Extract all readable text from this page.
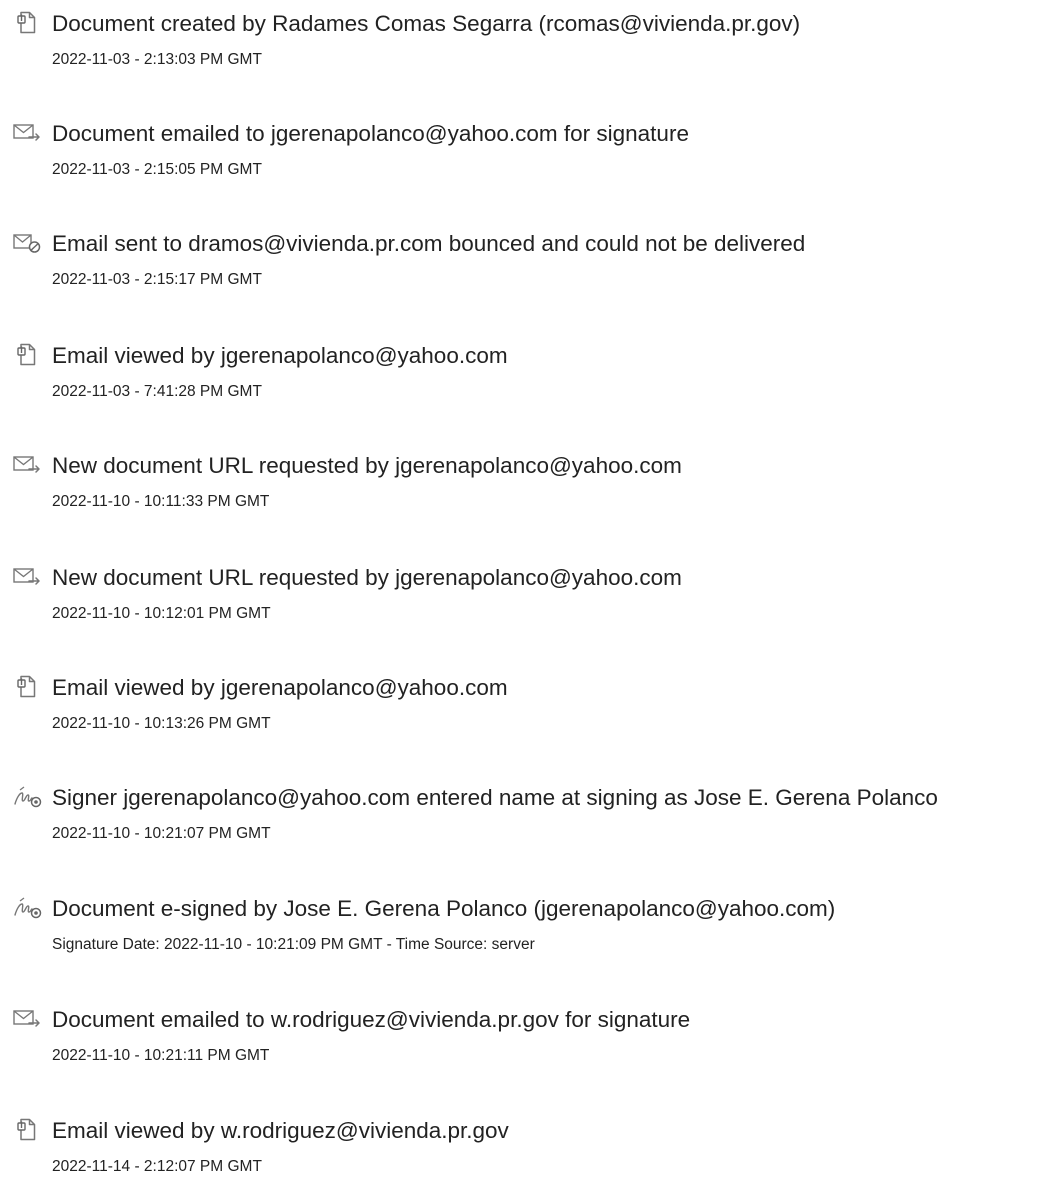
Document created by Radames Comas Segarra (rcomas@vivienda.pr.gov)
2022-11-03 - 2:13:03 PM GMT
Document emailed to jgerenapolanco@yahoo.com for signature
2022-11-03 - 2:15:05 PM GMT
Email sent to dramos@vivienda.pr.com bounced and could not be delivered
2022-11-03 - 2:15:17 PM GMT
Email viewed by jgerenapolanco@yahoo.com
2022-11-03 - 7:41:28 PM GMT
New document URL requested by jgerenapolanco@yahoo.com
2022-11-10 - 10:11:33 PM GMT
New document URL requested by jgerenapolanco@yahoo.com
2022-11-10 - 10:12:01 PM GMT
Email viewed by jgerenapolanco@yahoo.com
2022-11-10 - 10:13:26 PM GMT
Signer jgerenapolanco@yahoo.com entered name at signing as Jose E. Gerena Polanco
2022-11-10 - 10:21:07 PM GMT
Document e-signed by Jose E. Gerena Polanco (jgerenapolanco@yahoo.com)
Signature Date: 2022-11-10 - 10:21:09 PM GMT - Time Source: server
Document emailed to w.rodriguez@vivienda.pr.gov for signature
2022-11-10 - 10:21:11 PM GMT
Email viewed by w.rodriguez@vivienda.pr.gov
2022-11-14 - 2:12:07 PM GMT
